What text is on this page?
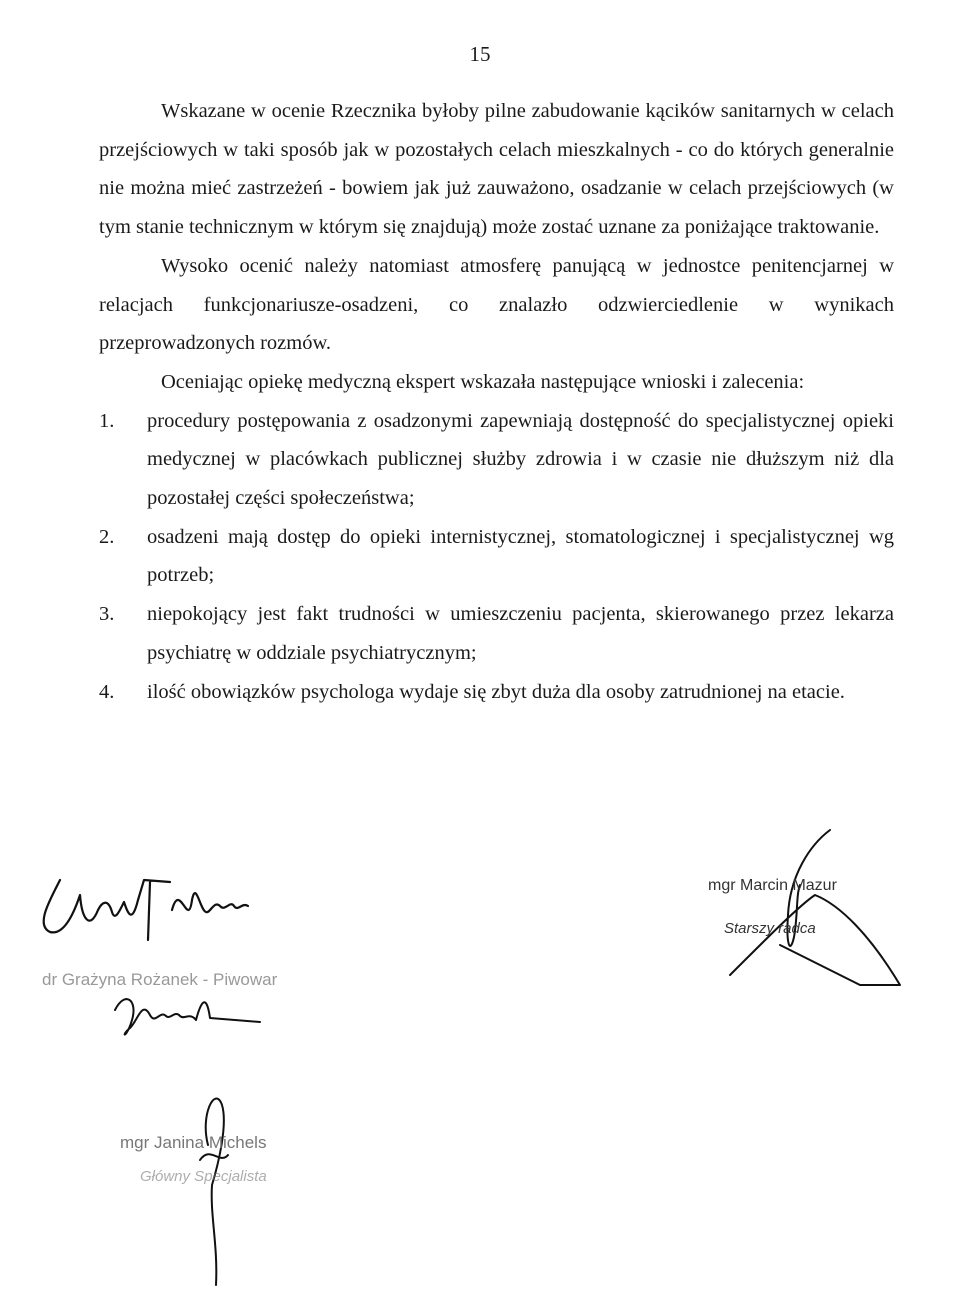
15

Wskazane w ocenie Rzecznika byłoby pilne zabudowanie kącików sanitarnych w celach przejściowych w taki sposób jak w pozostałych celach mieszkalnych - co do których generalnie nie można mieć zastrzeżeń - bowiem jak już zauważono, osadzanie w celach przejściowych (w tym stanie technicznym w którym się znajdują) może zostać uznane za poniżające traktowanie.

Wysoko ocenić należy natomiast atmosferę panującą w jednostce penitencjarnej w relacjach funkcjonariusze-osadzeni, co znalazło odzwierciedlenie w wynikach przeprowadzonych rozmów.

Oceniając opiekę medyczną ekspert wskazała następujące wnioski i zalecenia:

1. procedury postępowania z osadzonymi zapewniają dostępność do specjalistycznej opieki medycznej w placówkach publicznej służby zdrowia i w czasie nie dłuższym niż dla pozostałej części społeczeństwa;
2. osadzeni mają dostęp do opieki internistycznej, stomatologicznej i specjalistycznej wg potrzeb;
3. niepokojący jest fakt trudności w umieszczeniu pacjenta, skierowanego przez lekarza psychiatrę w oddziale psychiatrycznym;
4. ilość obowiązków psychologa wydaje się zbyt duża dla osoby zatrudnionej na etacie.
dr Grażyna Rożanek - Piwowar
mgr Janina Michels
Główny Specjalista
mgr Marcin Mazur
Starszy radca
